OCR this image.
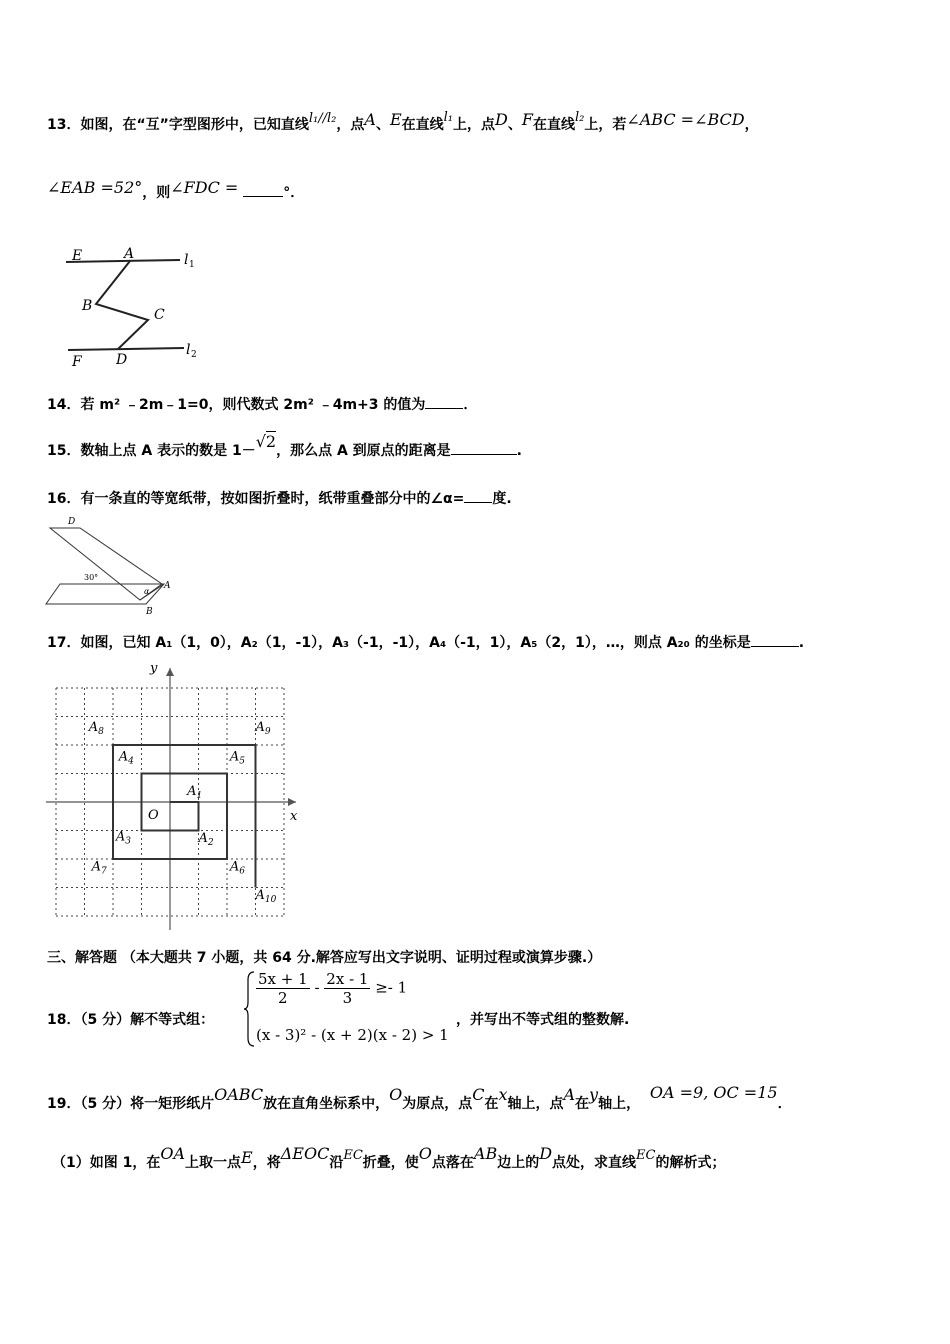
13．如图，在“互”字型图形中，已知直线l₁//l₂，点A、E在直线l₁上，点D、F在直线l₂上，若∠ABC =∠BCD，
∠EAB =52°，则∠FDC =	°．
E	A	l 1
B
C
F D
l 2
14．若 m² ﹣2m﹣1=0，则代数式 2m² ﹣4m+3 的值为	．
15．数轴上点 A 表示的数是 1－√2，那么点 A 到原点的距离是	.
16．有一条直的等宽纸带，按如图折叠时，纸带重叠部分中的∠α= 度.
D
30°
α
A
B
17．如图，已知 A₁（1，0），A₂（1，-1），A₃（-1，-1），A₄（-1，1），A₅（2，1），…，则点 A₂₀ 的坐标是	.
x
y
O
$A_1$
$A_2$
$A_3$
$A_4$	$A_5$
$A_6$
$A_7$
$A_8$	$A_9$
$A_{10}$
三、解答题 （本大题共 7 小题，共 64 分.解答应写出文字说明、证明过程或演算步骤.）
18．（5 分）解不等式组：
$\frac{5x + 1}{2} - \frac{2x - 1}{3} \ge- 1$
(x - 3)² - (x + 2)(x - 2) > 1
，并写出不等式组的整数解.
19．（5 分）将一矩形纸片OABC放在直角坐标系中，O为原点，点C在x轴上，点A在y轴上，  OA =9, OC =15．
（1）如图 1，在OA上取一点E，将ΔEOC沿EC折叠，使O点落在AB边上的D点处，求直线EC的解析式；
